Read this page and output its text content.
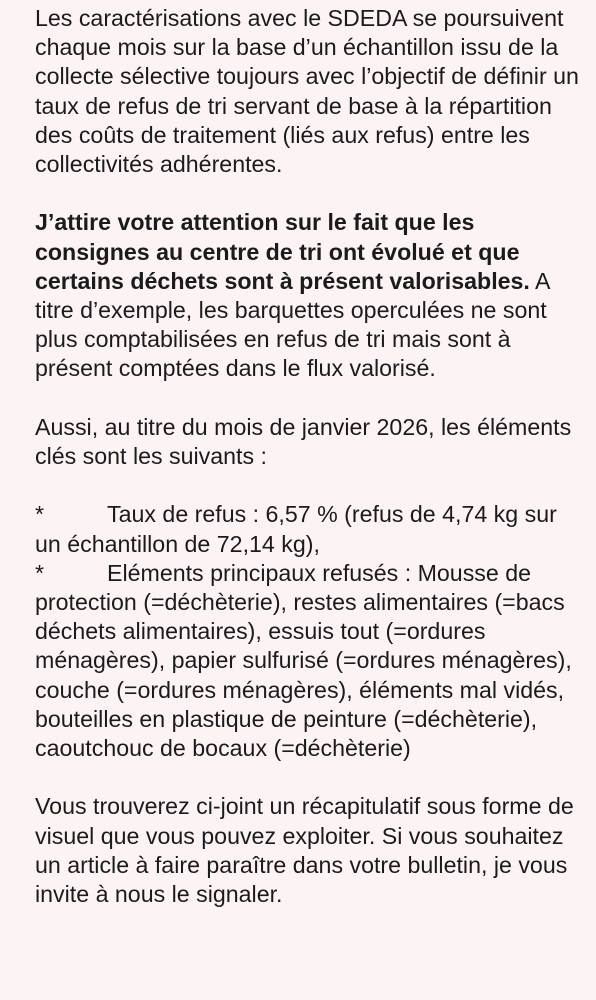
Les caractérisations avec le SDEDA se poursuivent chaque mois sur la base d’un échantillon issu de la collecte sélective toujours avec l’objectif de définir un taux de refus de tri servant de base à la répartition des coûts de traitement (liés aux refus) entre les collectivités adhérentes.

J’attire votre attention sur le fait que les consignes au centre de tri ont évolué et que certains déchets sont à présent valorisables. A titre d’exemple, les barquettes operculées ne sont plus comptabilisées en refus de tri mais sont à présent comptées dans le flux valorisé.

Aussi, au titre du mois de janvier 2026, les éléments clés sont les suivants :

*	Taux de refus : 6,57 % (refus de 4,74 kg sur un échantillon de 72,14 kg),
*	Eléments principaux refusés : Mousse de protection (=déchèterie), restes alimentaires (=bacs déchets alimentaires), essuis tout (=ordures ménagères), papier sulfurisé (=ordures ménagères), couche (=ordures ménagères), éléments mal vidés, bouteilles en plastique de peinture (=déchèterie), caoutchouc de bocaux (=déchèterie)

Vous trouverez ci-joint un récapitulatif sous forme de visuel que vous pouvez exploiter. Si vous souhaitez un article à faire paraître dans votre bulletin, je vous invite à nous le signaler.
